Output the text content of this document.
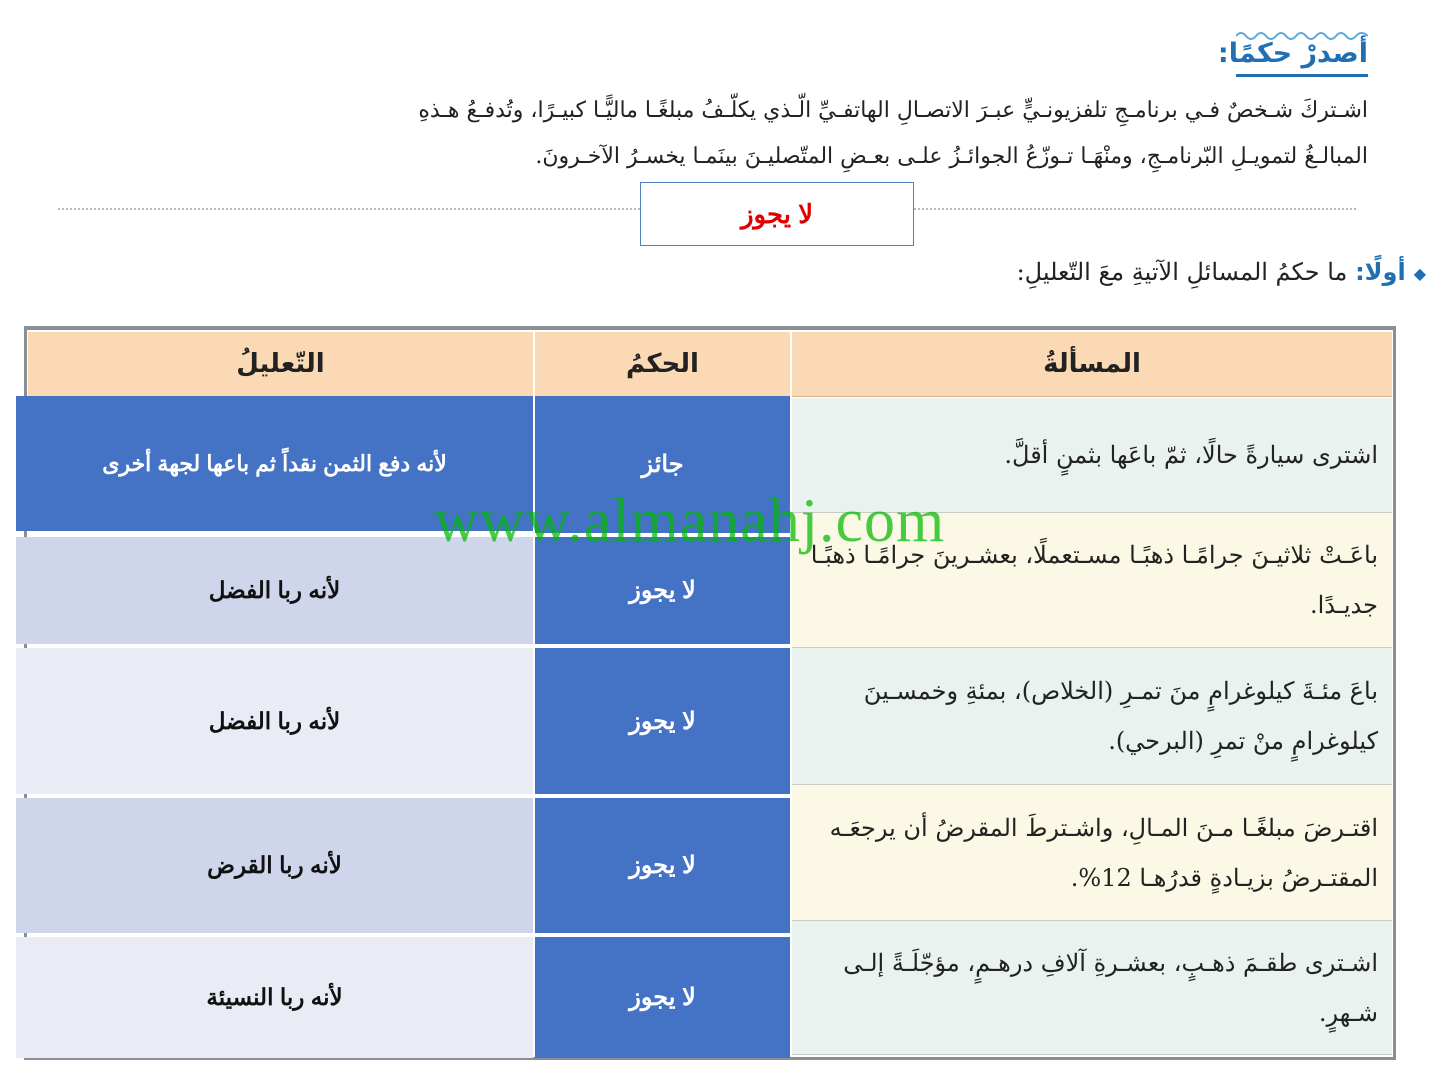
أصدرْ حكمًا:
اشـتركَ شـخصٌ فـي برنامـجِ تلفزيونـيٍّ عبـرَ الاتصـالِ الهاتفـيِّ الّـذي يكلّـفُ مبلغًـا ماليًّـا كبيـرًا، وتُدفـعُ هـذهِ
المبالـغُ لتمويـلِ البّرنامـجِ، ومنْهَـا تـوزّعُ الجوائـزُ علـى بعـضِ المتّصليـنَ بينَمـا يخسـرُ الآخـرونَ.
لا يجوز
◆أولًا: ما حكمُ المسائلِ الآتيةِ معَ التّعليلِ:
المسألةُ
الحكمُ
التّعليلُ
اشترى سيارةً حالًا، ثمّ باعَها بثمنٍ أقلَّ.
جائز
لأنه دفع الثمن نقداً ثم باعها لجهة أخرى
باعَـتْ ثلاثيـنَ جرامًـا ذهبًـا مسـتعملًا، بعشـرينَ جرامًـا ذهبًـا جديـدًا.
لا يجوز
لأنه ربا الفضل
باعَ مئـةَ كيلوغرامٍ منَ تمـرِ (الخلاص)، بمئةِ وخمسـينَ كيلوغرامٍ منْ تمرِ (البرحي).
لا يجوز
لأنه ربا الفضل
اقتـرضَ مبلغًـا مـنَ المـالِ، واشـترطَ المقرضُ أن يرجعَـه المقتـرضُ بزيـادةٍ قدرُهـا 12%.
لا يجوز
لأنه ربا القرض
اشـترى طقـمَ ذهـبٍ، بعشـرةِ آلافِ درهـمٍ، مؤجّلَـةً إلـى شـهرٍ.
لا يجوز
لأنه ربا النسيئة
www.almanahj.com
